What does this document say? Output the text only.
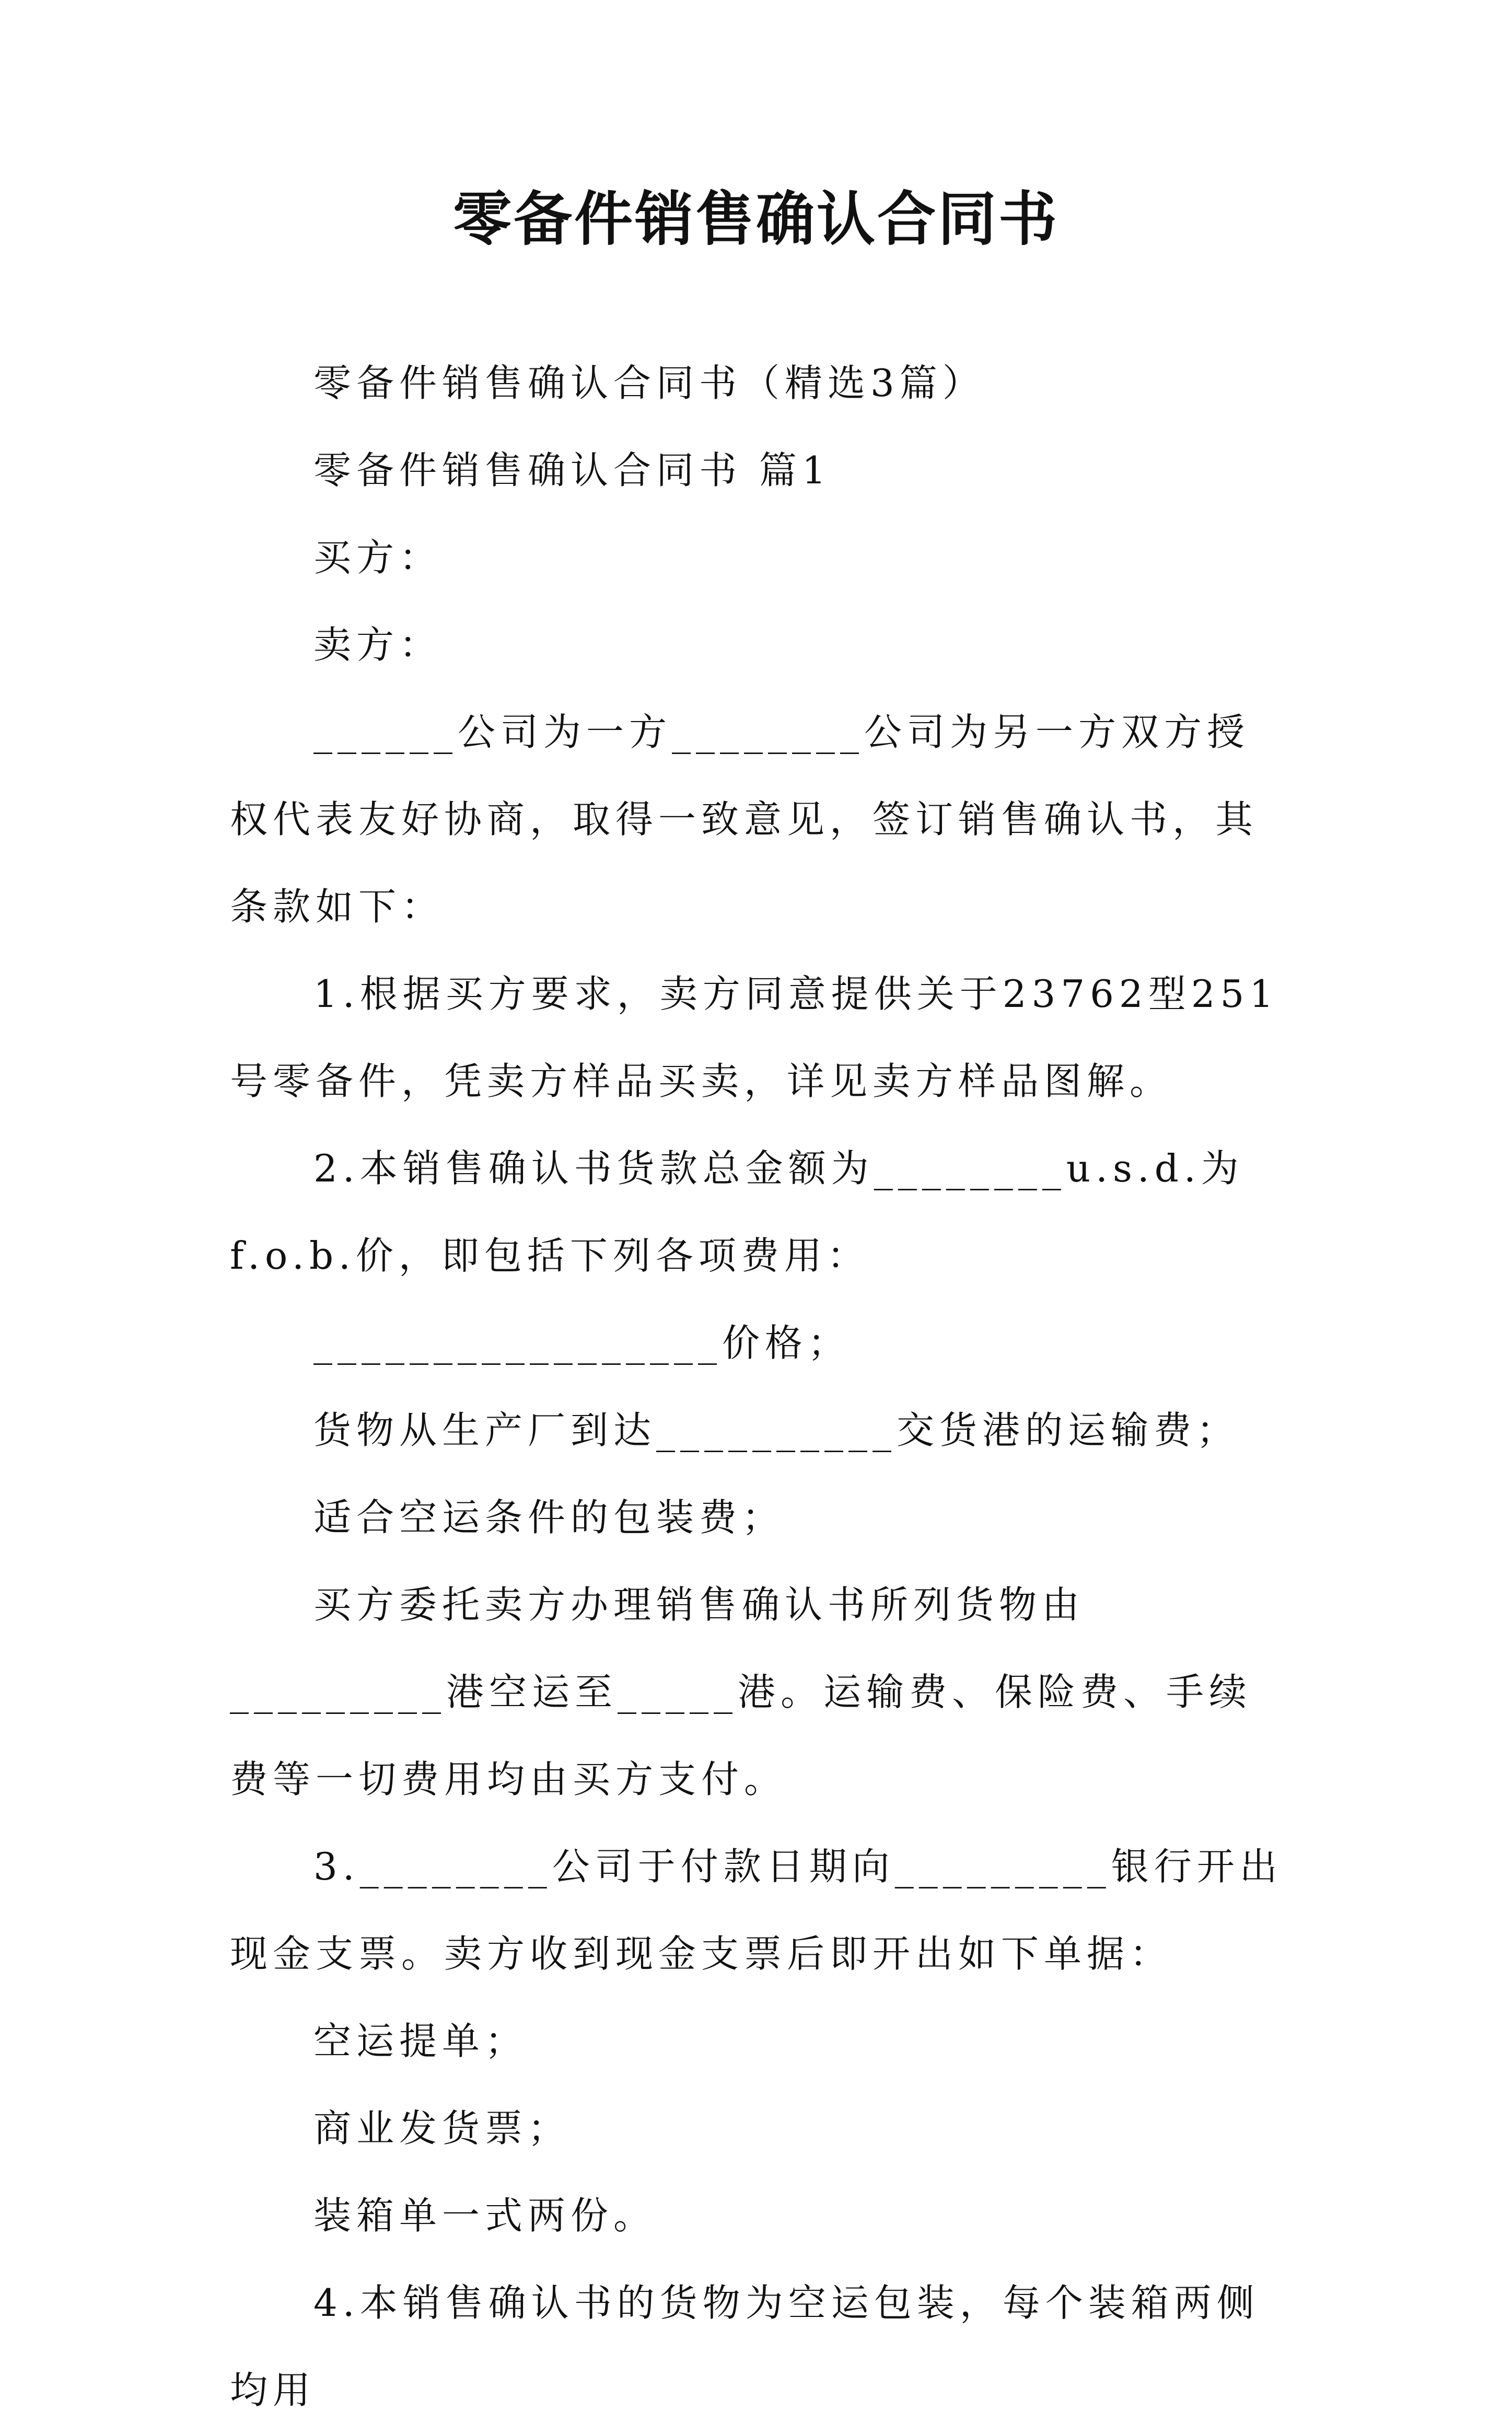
零备件销售确认合同书

零备件销售确认合同书（精选3篇）

零备件销售确认合同书 篇1

买方：

卖方：

______公司为一方________公司为另一方双方授权代表友好协商，取得一致意见，签订销售确认书，其条款如下：

1.根据买方要求，卖方同意提供关于23762型251号零备件，凭卖方样品买卖，详见卖方样品图解。

2.本销售确认书货款总金额为________u.s.d.为f.o.b.价，即包括下列各项费用：

_________________价格；

货物从生产厂到达__________交货港的运输费；

适合空运条件的包装费；

买方委托卖方办理销售确认书所列货物由_________港空运至_____港。运输费、保险费、手续费等一切费用均由买方支付。

3.________公司于付款日期向_________银行开出现金支票。卖方收到现金支票后即开出如下单据：

空运提单；

商业发货票；

装箱单一式两份。

4.本销售确认书的货物为空运包装，每个装箱两侧均用
